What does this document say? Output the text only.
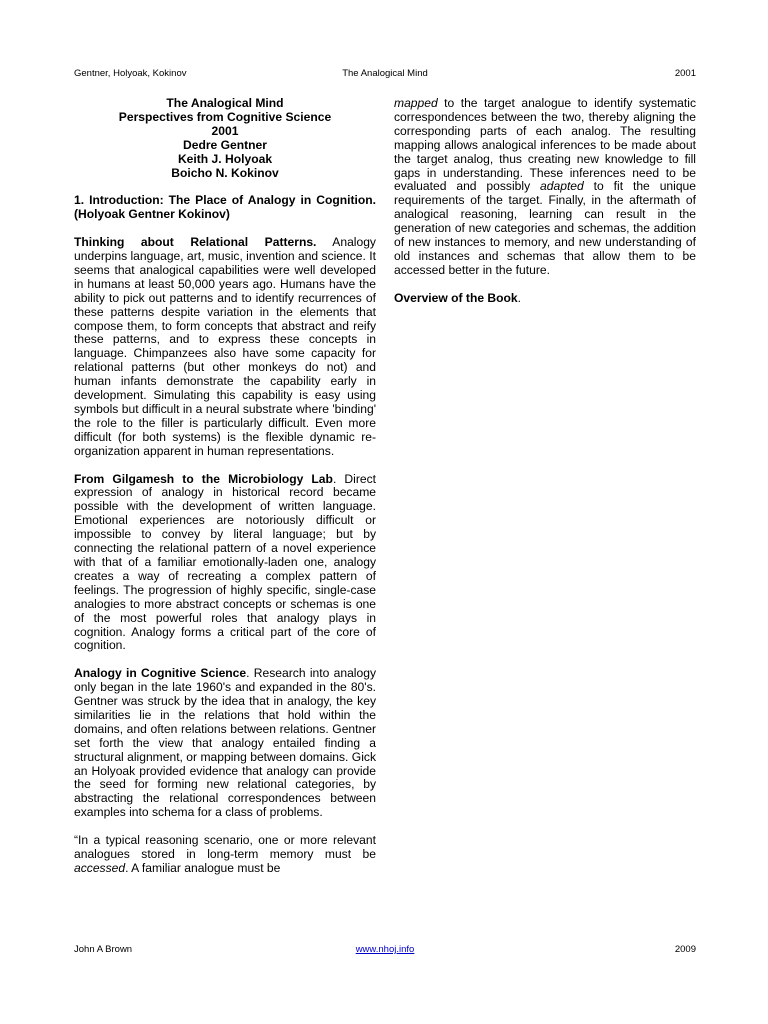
Gentner, Holyoak, Kokinov	The Analogical Mind	2001
The Analogical Mind
Perspectives from Cognitive Science
2001
Dedre Gentner
Keith J. Holyoak
Boicho N. Kokinov

1. Introduction: The Place of Analogy in Cognition. (Holyoak Gentner Kokinov)

Thinking about Relational Patterns. Analogy underpins language, art, music, invention and science. It seems that analogical capabilities were well developed in humans at least 50,000 years ago. Humans have the ability to pick out patterns and to identify recurrences of these patterns despite variation in the elements that compose them, to form concepts that abstract and reify these patterns, and to express these concepts in language. Chimpanzees also have some capacity for relational patterns (but other monkeys do not) and human infants demonstrate the capability early in development. Simulating this capability is easy using symbols but difficult in a neural substrate where 'binding' the role to the filler is particularly difficult. Even more difficult (for both systems) is the flexible dynamic re-organization apparent in human representations.

From Gilgamesh to the Microbiology Lab. Direct expression of analogy in historical record became possible with the development of written language. Emotional experiences are notoriously difficult or impossible to convey by literal language; but by connecting the relational pattern of a novel experience with that of a familiar emotionally-laden one, analogy creates a way of recreating a complex pattern of feelings. The progression of highly specific, single-case analogies to more abstract concepts or schemas is one of the most powerful roles that analogy plays in cognition. Analogy forms a critical part of the core of cognition.

Analogy in Cognitive Science. Research into analogy only began in the late 1960's and expanded in the 80's. Gentner was struck by the idea that in analogy, the key similarities lie in the relations that hold within the domains, and often relations between relations. Gentner set forth the view that analogy entailed finding a structural alignment, or mapping between domains. Gick an Holyoak provided evidence that analogy can provide the seed for forming new relational categories, by abstracting the relational correspondences between examples into schema for a class of problems.

“In a typical reasoning scenario, one or more relevant analogues stored in long-term memory must be accessed. A familiar analogue must be

mapped to the target analogue to identify systematic correspondences between the two, thereby aligning the corresponding parts of each analog. The resulting mapping allows analogical inferences to be made about the target analog, thus creating new knowledge to fill gaps in understanding. These inferences need to be evaluated and possibly adapted to fit the unique requirements of the target. Finally, in the aftermath of analogical reasoning, learning can result in the generation of new categories and schemas, the addition of new instances to memory, and new understanding of old instances and schemas that allow them to be accessed better in the future.

Overview of the Book.

John A Brown	www.nhoj.info	2009
